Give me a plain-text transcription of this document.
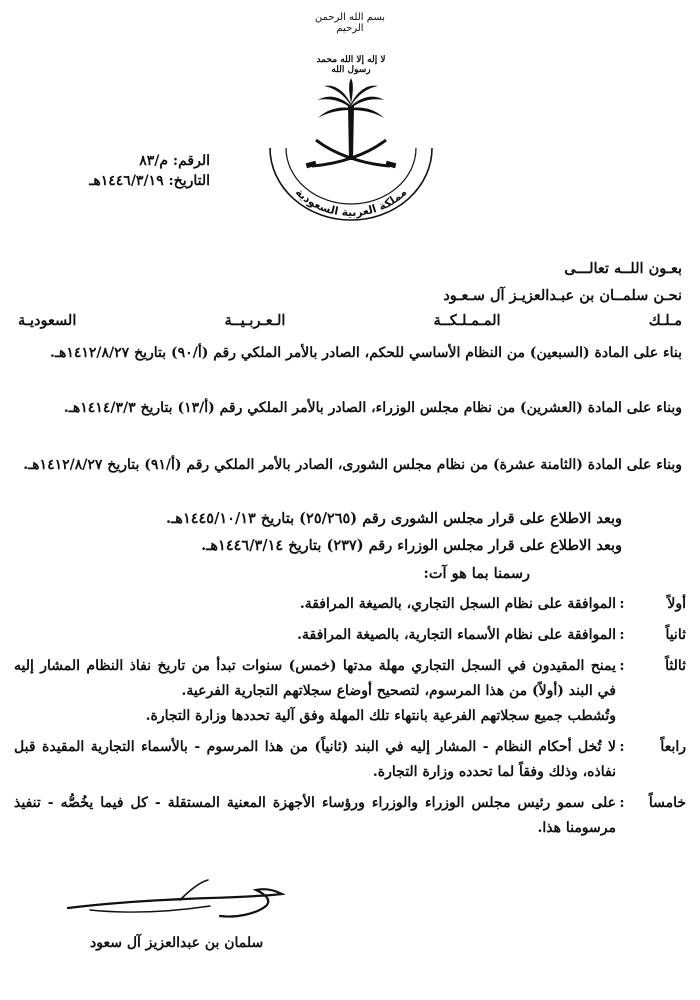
بسم الله الرحمن الرحيم
لا إله إلا الله محمد رسول الله
مملكة العربية السعودية
الرقم: م/٨٣
التاريخ: ١٤٤٦/٣/١٩هـ
بعـون اللــه تعالـــى
نحـن سلمــان بن عبـدالعزيـز آل سـعـود
مـلـك المـمـلـكــة الـعـربـيــة السعوديـة
بناء على المادة (السبعين) من النظام الأساسي للحكم، الصادر بالأمر الملكي رقم (أ/٩٠) بتاريخ ١٤١٢/٨/٢٧هـ.
وبناء على المادة (العشرين) من نظام مجلس الوزراء، الصادر بالأمر الملكي رقم (أ/١٣) بتاريخ ١٤١٤/٣/٣هـ.
وبناء على المادة (الثامنة عشرة) من نظام مجلس الشورى، الصادر بالأمر الملكي رقم (أ/٩١) بتاريخ ١٤١٢/٨/٢٧هـ.
وبعد الاطلاع على قرار مجلس الشورى رقم (٢٥/٢٦٥) بتاريخ ١٤٤٥/١٠/١٣هـ.
وبعد الاطلاع على قرار مجلس الوزراء رقم (٢٣٧) بتاريخ ١٤٤٦/٣/١٤هـ.
رسمنا بما هو آت:
أولاً
:

الموافقة على نظام السجل التجاري، بالصيغة المرافقة.

ثانياً
:

الموافقة على نظام الأسماء التجارية، بالصيغة المرافقة.

ثالثاً
:

يمنح المقيدون في السجل التجاري مهلة مدتها (خمس) سنوات تبدأ من تاريخ نفاذ النظام المشار إليه في البند (أولاً) من هذا المرسوم، لتصحيح أوضاع سجلاتهم التجارية الفرعية.

وتُشطب جميع سجلاتهم الفرعية بانتهاء تلك المهلة وفق آلية تحددها وزارة التجارة.

رابعاً
:

لا تُخل أحكام النظام - المشار إليه في البند (ثانياً) من هذا المرسوم - بالأسماء التجارية المقيدة قبل نفاذه، وذلك وفقاً لما تحدده وزارة التجارة.

خامساً
:

على سمو رئيس مجلس الوزراء والوزراء ورؤساء الأجهزة المعنية المستقلة - كل فيما يخُصُّه - تنفيذ مرسومنا هذا.

سلمان بن عبدالعزيز آل سعود
